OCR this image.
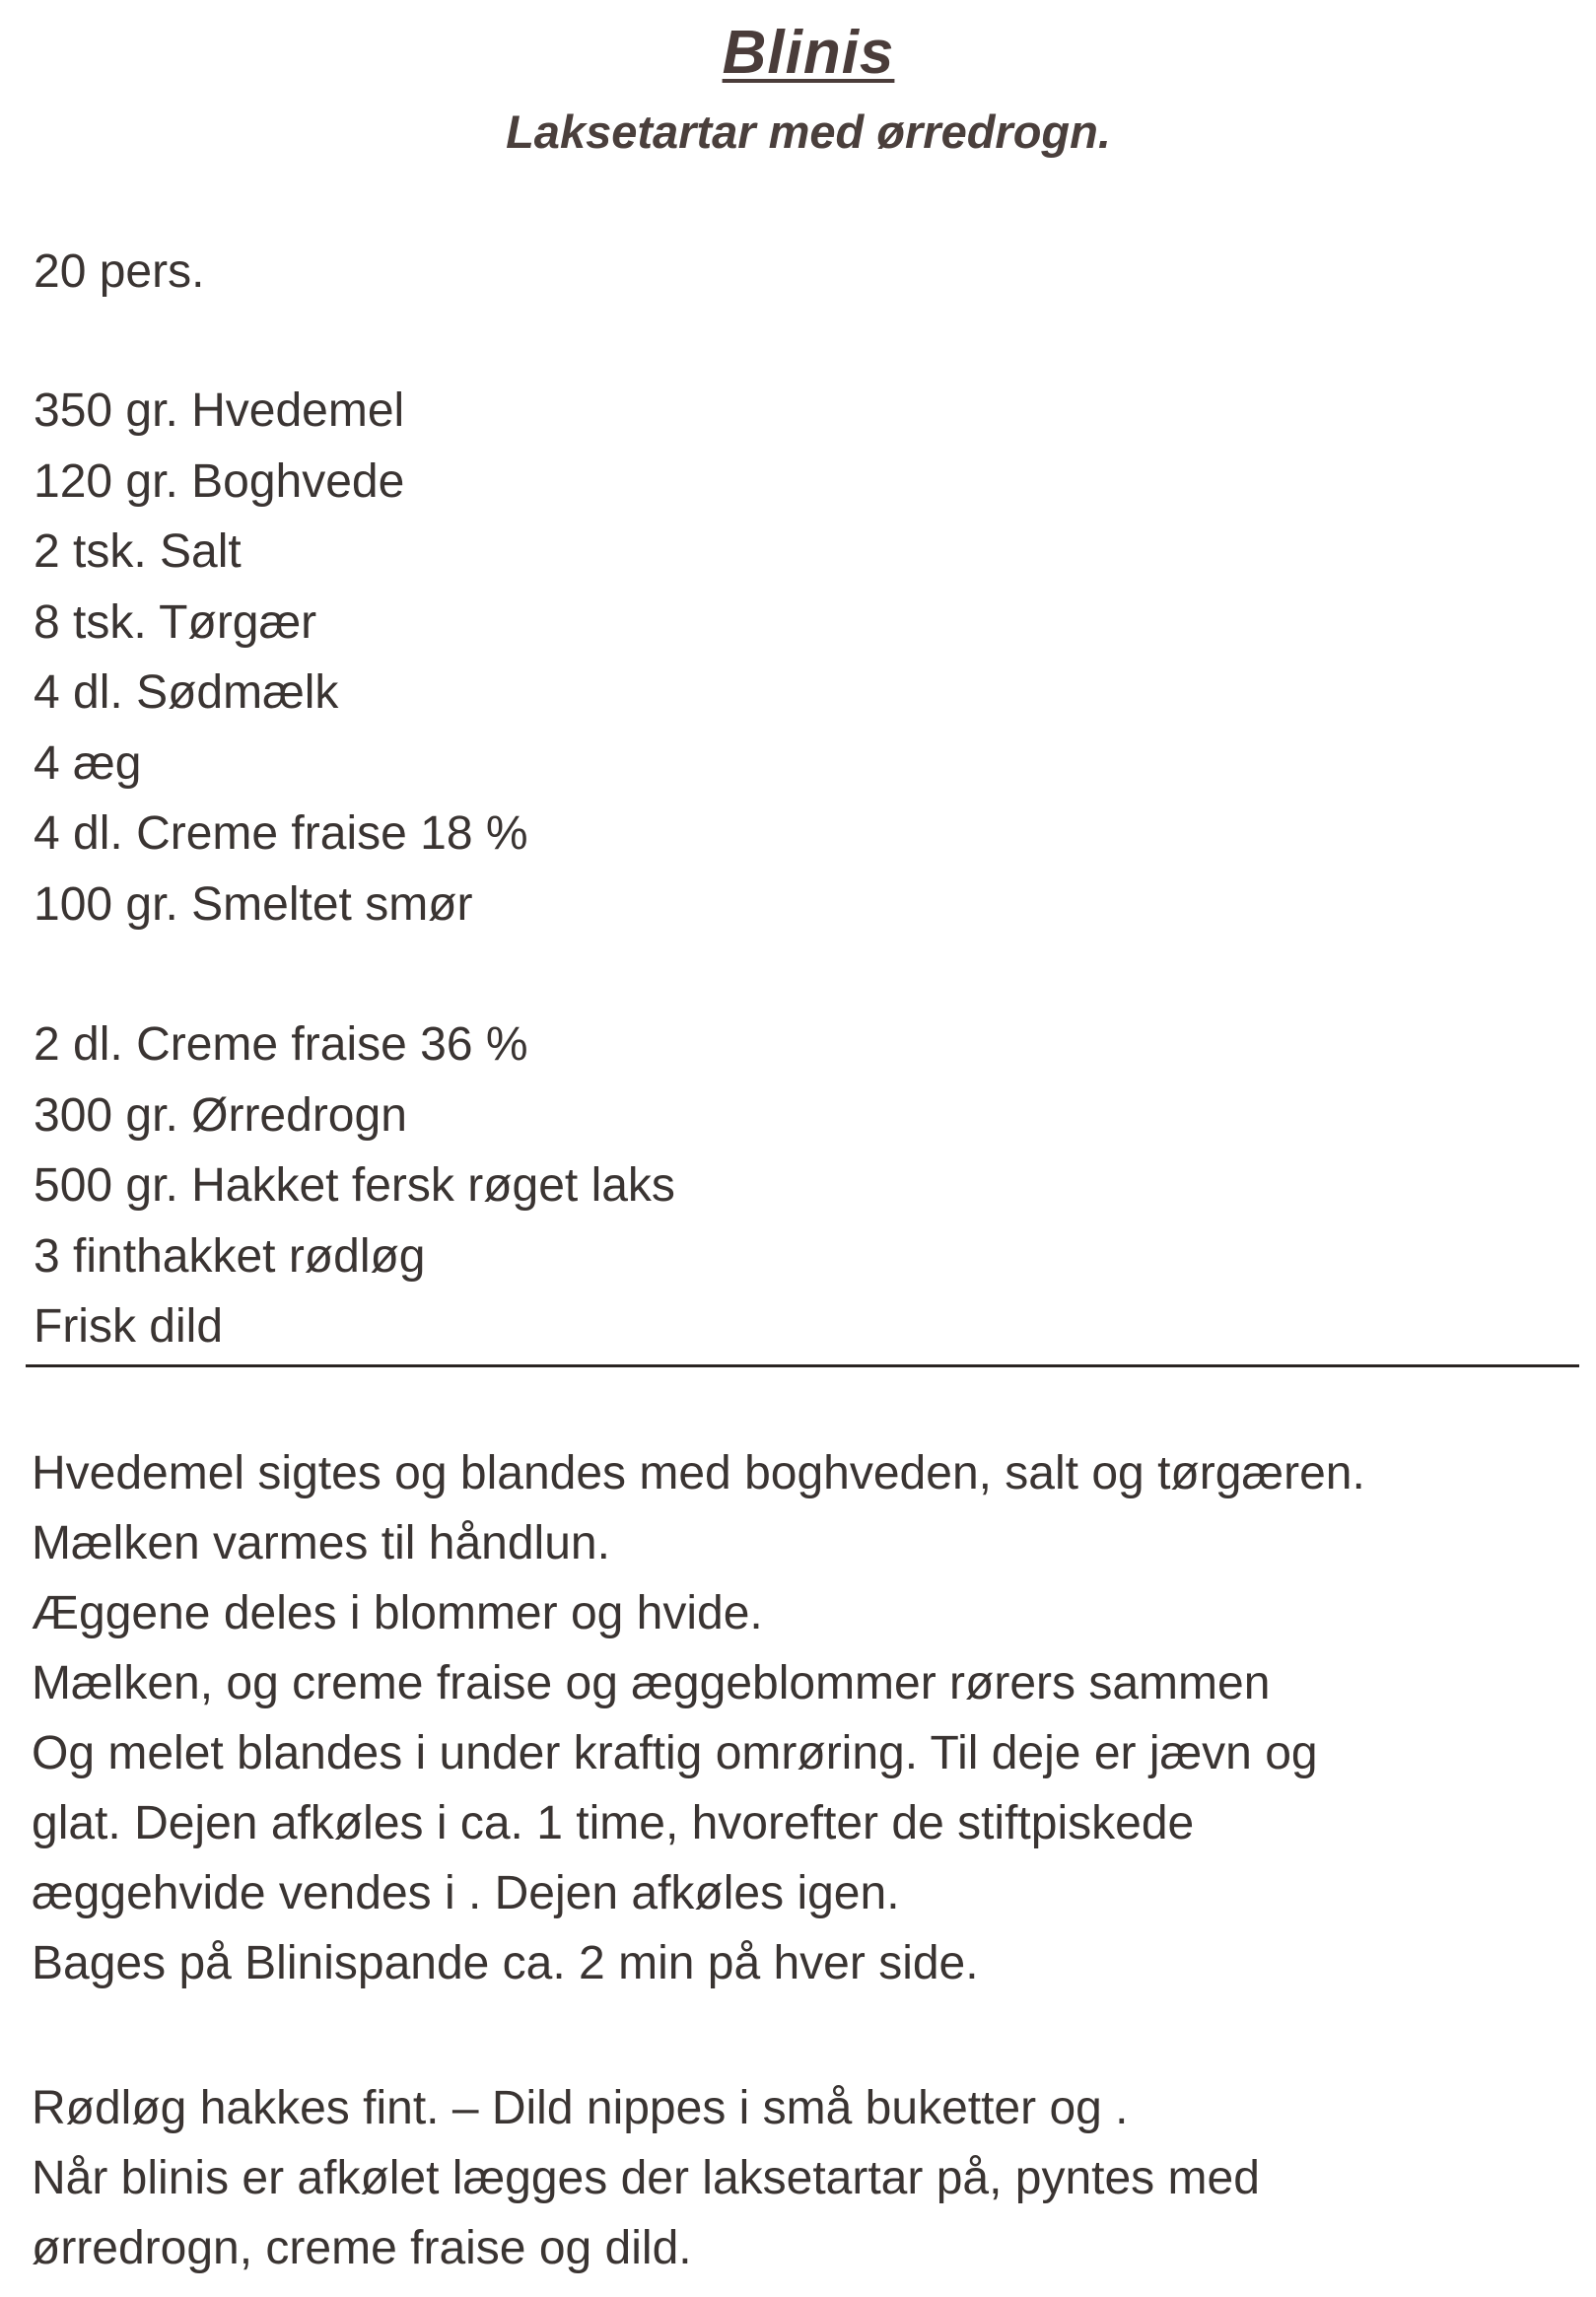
Blinis
Laksetartar med ørredrogn.
20 pers.
350 gr. Hvedemel
120 gr. Boghvede
2 tsk. Salt
8 tsk. Tørgær
4 dl. Sødmælk
4 æg
4 dl. Creme fraise 18 %
100 gr. Smeltet smør
2 dl. Creme fraise 36 %
300 gr. Ørredrogn
500 gr. Hakket fersk røget laks
3 finthakket rødløg
Frisk dild
Hvedemel sigtes og blandes med boghveden, salt og tørgæren.
Mælken varmes til håndlun.
Æggene deles i blommer og hvide.
Mælken, og creme fraise og æggeblommer rørers sammen
Og melet blandes i under kraftig omrøring. Til deje er jævn og
glat. Dejen afkøles i ca. 1 time, hvorefter de stiftpiskede
æggehvide vendes i . Dejen afkøles igen.
Bages på Blinispande ca. 2 min på hver side.
Rødløg hakkes fint. – Dild nippes i små buketter og .
Når blinis er afkølet lægges der laksetartar på, pyntes med
ørredrogn, creme fraise og dild.
